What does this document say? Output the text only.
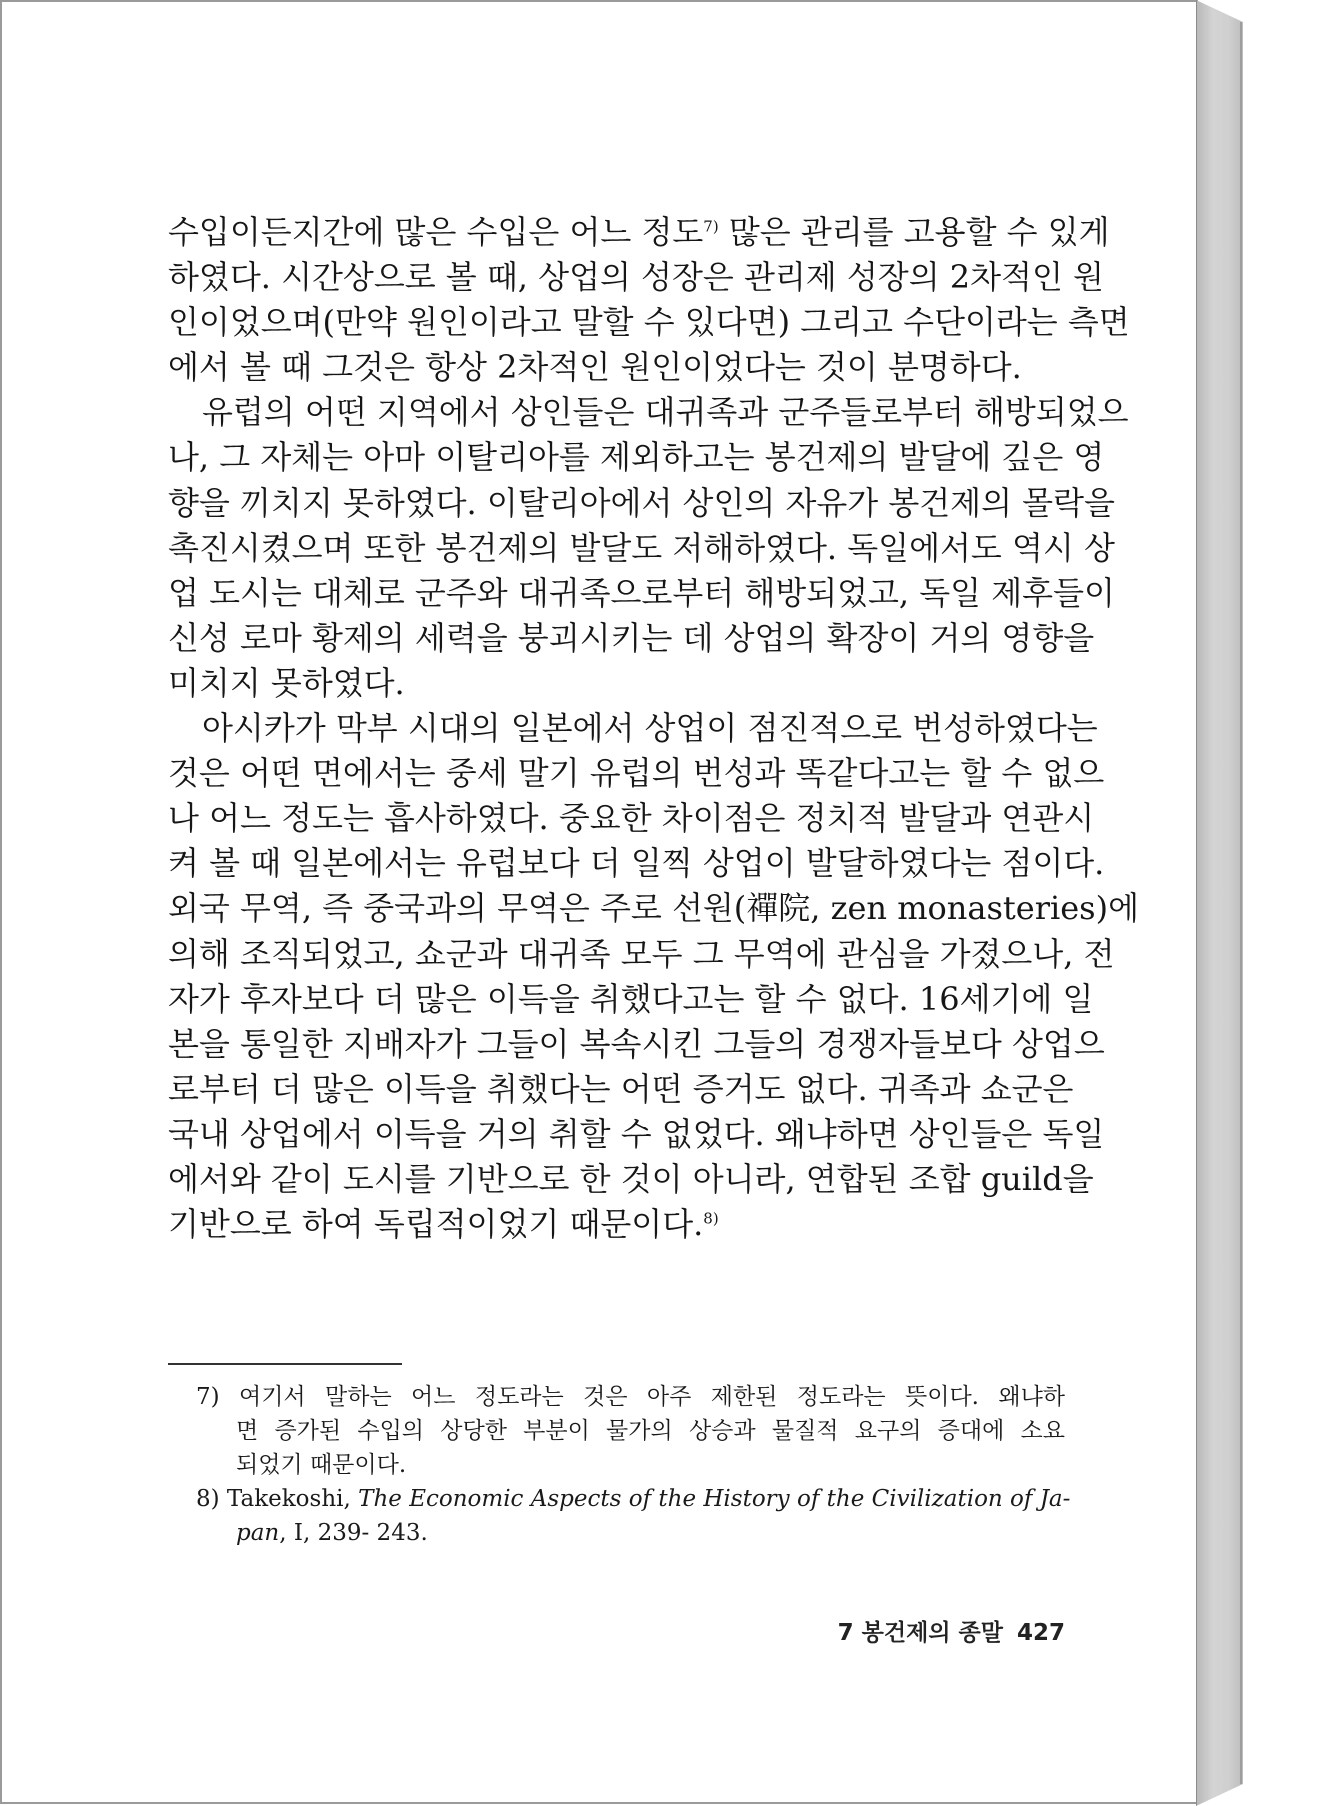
수입이든지간에 많은 수입은 어느 정도$^{7)}$ 많은 관리를 고용할 수 있게
하였다. 시간상으로 볼 때, 상업의 성장은 관리제 성장의 2차적인 원
인이었으며(만약 원인이라고 말할 수 있다면) 그리고 수단이라는 측면
에서 볼 때 그것은 항상 2차적인 원인이었다는 것이 분명하다.
유럽의 어떤 지역에서 상인들은 대귀족과 군주들로부터 해방되었으
나, 그 자체는 아마 이탈리아를 제외하고는 봉건제의 발달에 깊은 영
향을 끼치지 못하였다. 이탈리아에서 상인의 자유가 봉건제의 몰락을
촉진시켰으며 또한 봉건제의 발달도 저해하였다. 독일에서도 역시 상
업 도시는 대체로 군주와 대귀족으로부터 해방되었고, 독일 제후들이
신성 로마 황제의 세력을 붕괴시키는 데 상업의 확장이 거의 영향을
미치지 못하였다.
아시카가 막부 시대의 일본에서 상업이 점진적으로 번성하였다는
것은 어떤 면에서는 중세 말기 유럽의 번성과 똑같다고는 할 수 없으
나 어느 정도는 흡사하였다. 중요한 차이점은 정치적 발달과 연관시
켜 볼 때 일본에서는 유럽보다 더 일찍 상업이 발달하였다는 점이다.
외국 무역, 즉 중국과의 무역은 주로 선원(禪院, zen monasteries)에
의해 조직되었고, 쇼군과 대귀족 모두 그 무역에 관심을 가졌으나, 전
자가 후자보다 더 많은 이득을 취했다고는 할 수 없다. 16세기에 일
본을 통일한 지배자가 그들이 복속시킨 그들의 경쟁자들보다 상업으
로부터 더 많은 이득을 취했다는 어떤 증거도 없다. 귀족과 쇼군은
국내 상업에서 이득을 거의 취할 수 없었다. 왜냐하면 상인들은 독일
에서와 같이 도시를 기반으로 한 것이 아니라, 연합된 조합 guild을
기반으로 하여 독립적이었기 때문이다.$^{8)}$
7) 여기서 말하는 어느 정도라는 것은 아주 제한된 정도라는 뜻이다. 왜냐하
면 증가된 수입의 상당한 부분이 물가의 상승과 물질적 요구의 증대에 소요
되었기 때문이다.
8) Takekoshi, The Economic Aspects of the History of the Civilization of Ja-
pan, Ⅰ, 239- 243.
7 봉건제의 종말 427
